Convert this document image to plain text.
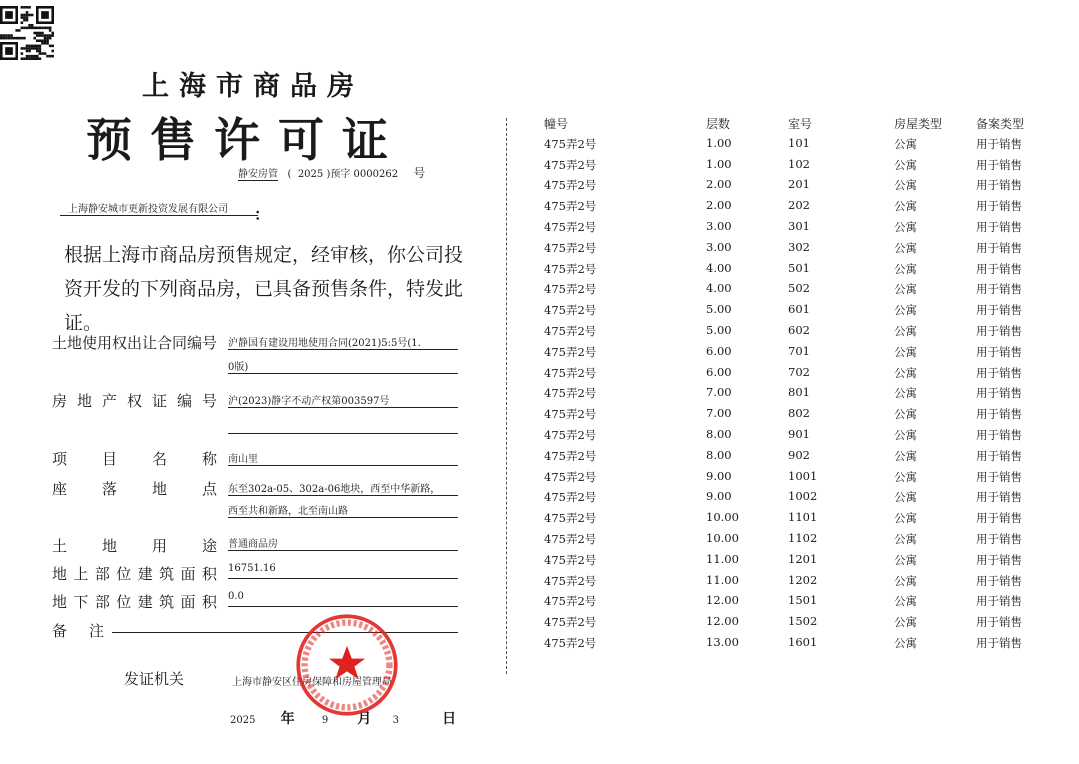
上海市商品房
预售许可证
静安房管 ( 2025 )预字 0000262 号
上海静安城市更新投资发展有限公司	：
根据上海市商品房预售规定，经审核，你公司投
资开发的下列商品房，已具备预售条件，特发此证。
土地使用权出让合同编号 沪静国有建设用地使用合同(2021)5:5号(1.
0版)
房地产权证编号 沪(2023)静字不动产权第003597号
项目名称 南山里
座落地点 东至302a-05、302a-06地块，西至中华新路，
西至共和新路，北至南山路
土地用途 普通商品房
地上部位建筑面积 16751.16
地下部位建筑面积 0.0
备注
发证机关	上海市静安区住房保障和房屋管理局
2025 年	9 月 3	日
幢号	层数	室号	房屋类型	备案类型
475弄2号	1.00	101	公寓	用于销售
475弄2号	1.00	102	公寓	用于销售
475弄2号	2.00	201	公寓	用于销售
475弄2号	2.00	202	公寓	用于销售
475弄2号	3.00	301	公寓	用于销售
475弄2号	3.00	302	公寓	用于销售
475弄2号	4.00	501	公寓	用于销售
475弄2号	4.00	502	公寓	用于销售
475弄2号	5.00	601	公寓	用于销售
475弄2号	5.00	602	公寓	用于销售
475弄2号	6.00	701	公寓	用于销售
475弄2号	6.00	702	公寓	用于销售
475弄2号	7.00	801	公寓	用于销售
475弄2号	7.00	802	公寓	用于销售
475弄2号	8.00	901	公寓	用于销售
475弄2号	8.00	902	公寓	用于销售
475弄2号	9.00	1001	公寓	用于销售
475弄2号	9.00	1002	公寓	用于销售
475弄2号	10.00	1101	公寓	用于销售
475弄2号	10.00	1102	公寓	用于销售
475弄2号	11.00	1201	公寓	用于销售
475弄2号	11.00	1202	公寓	用于销售
475弄2号	12.00	1501	公寓	用于销售
475弄2号	12.00	1502	公寓	用于销售
475弄2号	13.00	1601	公寓	用于销售
